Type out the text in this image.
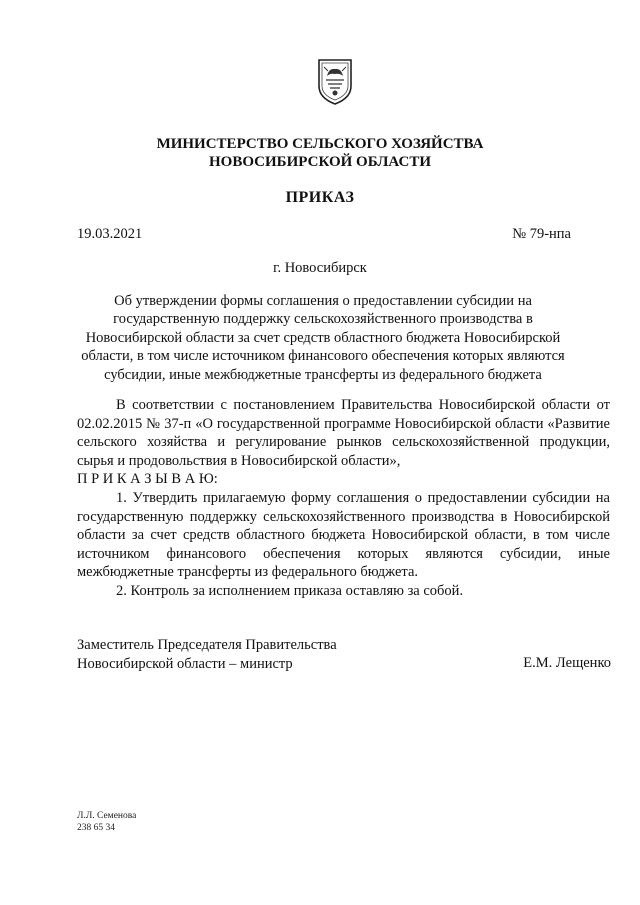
МИНИСТЕРСТВО СЕЛЬСКОГО ХОЗЯЙСТВА
НОВОСИБИРСКОЙ ОБЛАСТИ
ПРИКАЗ
19.03.2021	№ 79-нпа
г. Новосибирск
Об утверждении формы соглашения о предоставлении субсидии на государственную поддержку сельскохозяйственного производства в Новосибирской области за счет средств областного бюджета Новосибирской области, в том числе источником финансового обеспечения которых являются субсидии, иные межбюджетные трансферты из федерального бюджета

В соответствии с постановлением Правительства Новосибирской области от 02.02.2015 № 37-п «О государственной программе Новосибирской области «Развитие сельского хозяйства и регулирование рынков сельскохозяйственной продукции, сырья и продовольствия в Новосибирской области»,

П Р И К А З Ы В А Ю:

1. Утвердить прилагаемую форму соглашения о предоставлении субсидии на государственную поддержку сельскохозяйственного производства в Новосибирской области за счет средств областного бюджета Новосибирской области, в том числе источником финансового обеспечения которых являются субсидии, иные межбюджетные трансферты из федерального бюджета.

2. Контроль за исполнением приказа оставляю за собой.

Заместитель Председателя Правительства
Новосибирской области – министр	Е.М. Лещенко
Л.Л. Семенова
238 65 34
